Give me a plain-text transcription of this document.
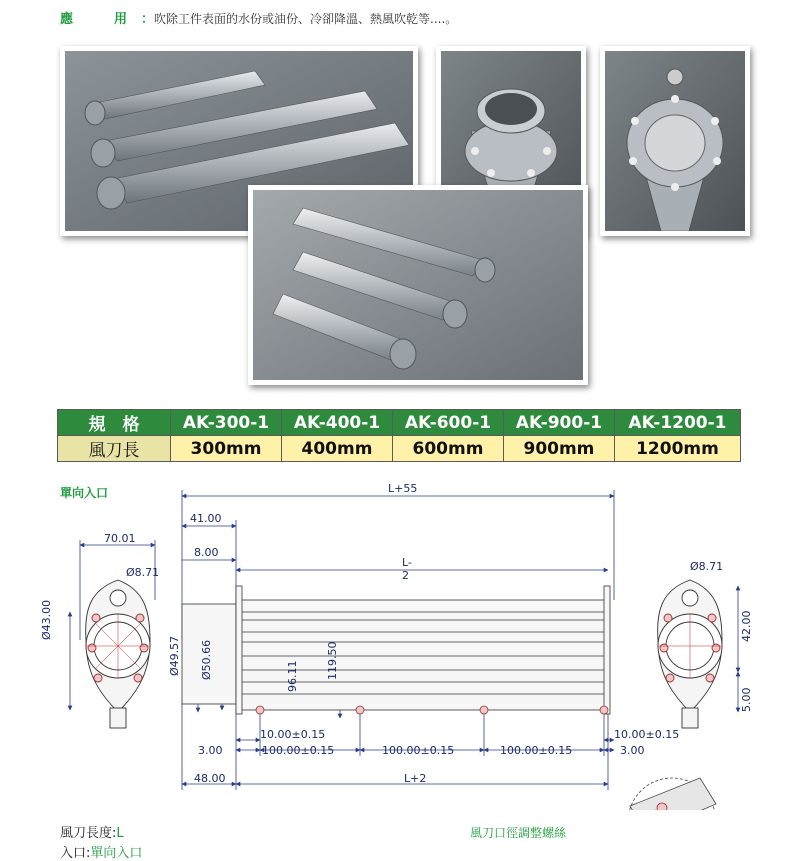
應　用：吹除工件表面的水份或油份、冷卻降溫、熱風吹乾等....。
規　格	AK-300-1	AK-400-1	AK-600-1	AK-900-1	AK-1200-1
風刀長	300mm	400mm	600mm	900mm	1200mm
單向入口	L+55
41.00
8.00
L-2
70.01
Ø8.71	Ø8.71
Ø43.00
Ø49.57 Ø50.66	96.11 119.50
42.00
5.00
10.00±0.15	10.00±0.15
3.00	100.00±0.15	100.00±0.15	100.00±0.15	3.00
48.00	L+2
風刀長度:L
入口:單向入口
風刀口徑調整螺絲
